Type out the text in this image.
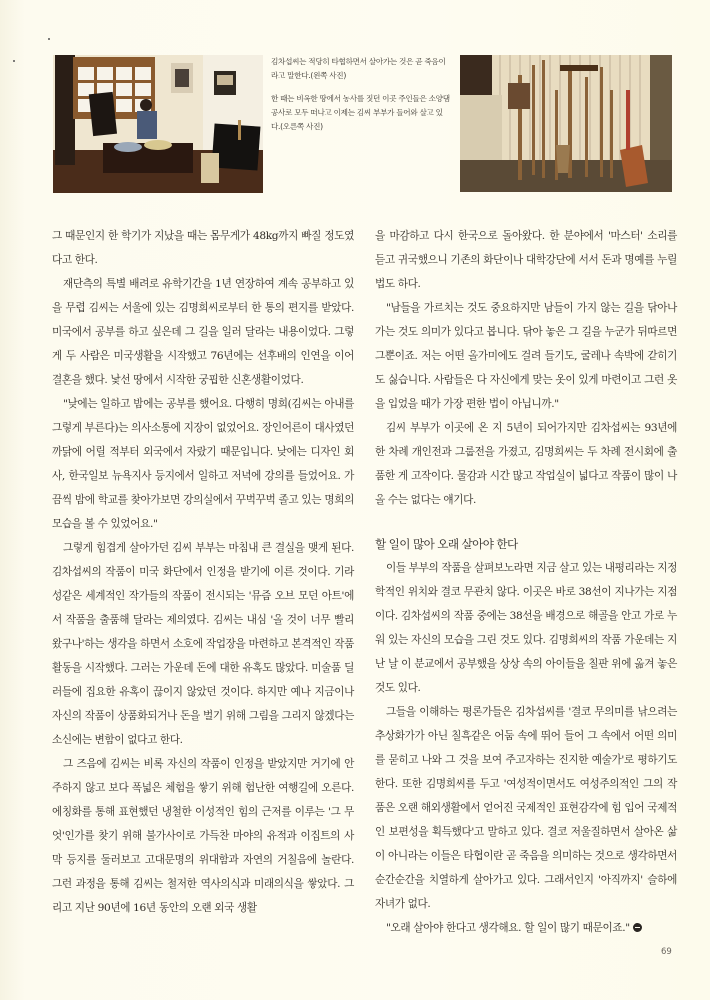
김차섭씨는 적당히 타협하면서 살아가는 것은 곧 죽음이라고 말한다.(왼쪽 사진)

한 때는 비옥한 땅에서 농사를 짓던 이곳 주인들은 소양댐 공사로 모두 떠나고 이제는 김씨 부부가 들어와 살고 있다.(오른쪽 사진)

그 때문인지 한 학기가 지났을 때는 몸무게가 48kg까지 빠질 정도였다고 한다.

재단측의 특별 배려로 유학기간을 1년 연장하여 계속 공부하고 있을 무렵 김씨는 서울에 있는 김명희씨로부터 한 통의 편지를 받았다. 미국에서 공부를 하고 싶은데 그 길을 일러 달라는 내용이었다. 그렇게 두 사람은 미국생활을 시작했고 76년에는 선후배의 인연을 이어 결혼을 했다. 낯선 땅에서 시작한 궁핍한 신혼생활이었다.

"낮에는 일하고 밤에는 공부를 했어요. 다행히 명희(김씨는 아내를 그렇게 부른다)는 의사소통에 지장이 없었어요. 장인어른이 대사였던 까닭에 어릴 적부터 외국에서 자랐기 때문입니다. 낮에는 디자인 회사, 한국일보 뉴욕지사 등지에서 일하고 저녁에 강의를 들었어요. 가끔씩 밤에 학교를 찾아가보면 강의실에서 꾸벅꾸벅 졸고 있는 명희의 모습을 볼 수 있었어요."

그렇게 힘겹게 살아가던 김씨 부부는 마침내 큰 결실을 맺게 된다. 김차섭씨의 작품이 미국 화단에서 인정을 받기에 이른 것이다. 기라성같은 세계적인 작가들의 작품이 전시되는 '뮤즘 오브 모던 아트'에서 작품을 출품해 달라는 제의였다. 김씨는 내심 '올 것이 너무 빨리 왔구나'하는 생각을 하면서 소호에 작업장을 마련하고 본격적인 작품활동을 시작했다. 그러는 가운데 돈에 대한 유혹도 많았다. 미술품 딜러들에 집요한 유혹이 끊이지 않았던 것이다. 하지만 예나 지금이나 자신의 작품이 상품화되거나 돈을 벌기 위해 그림을 그리지 않겠다는 소신에는 변함이 없다고 한다.

그 즈음에 김씨는 비록 자신의 작품이 인정을 받았지만 거기에 안주하지 않고 보다 폭넓은 체험을 쌓기 위해 험난한 여행길에 오른다. 에칭화를 통해 표현했던 냉철한 이성적인 힘의 근저를 이루는 '그 무엇'인가를 찾기 위해 불가사이로 가득찬 마야의 유적과 이집트의 사막 등지를 둘러보고 고대문명의 위대함과 자연의 거칠음에 놀란다. 그런 과정을 통해 김씨는 철저한 역사의식과 미래의식을 쌓았다. 그리고 지난 90년에 16년 동안의 오랜 외국 생활

을 마감하고 다시 한국으로 돌아왔다. 한 분야에서 '마스터' 소리를 듣고 귀국했으니 기존의 화단이나 대학강단에 서서 돈과 명예를 누릴 법도 하다.

"남들을 가르치는 것도 중요하지만 남들이 가지 않는 길을 닦아나가는 것도 의미가 있다고 봅니다. 닦아 놓은 그 길을 누군가 뒤따르면 그뿐이죠. 저는 어떤 올가미에도 걸려 들기도, 굴레나 속박에 갇히기도 싫습니다. 사람들은 다 자신에게 맞는 옷이 있게 마련이고 그런 옷을 입었을 때가 가장 편한 법이 아닙니까."

김씨 부부가 이곳에 온 지 5년이 되어가지만 김차섭씨는 93년에 한 차례 개인전과 그룹전을 가졌고, 김명희씨는 두 차례 전시회에 출품한 게 고작이다. 물감과 시간 많고 작업실이 넓다고 작품이 많이 나올 수는 없다는 얘기다.

할 일이 많아 오래 살아야 한다

이들 부부의 작품을 살펴보노라면 지금 살고 있는 내평리라는 지정학적인 위치와 결코 무관치 않다. 이곳은 바로 38선이 지나가는 지점이다. 김차섭씨의 작품 중에는 38선을 배경으로 해골을 안고 가로 누워 있는 자신의 모습을 그린 것도 있다. 김명희씨의 작품 가운데는 지난 날 이 분교에서 공부했을 상상 속의 아이들을 칠판 위에 옮겨 놓은 것도 있다.

그들을 이해하는 평론가들은 김차섭씨를 '결코 무의미를 낚으려는 추상화가가 아닌 칠흑같은 어둠 속에 뛰어 들어 그 속에서 어떤 의미를 묻히고 나와 그 것을 보여 주고자하는 진지한 예술가'로 평하기도 한다. 또한 김명희씨를 두고 '여성적이면서도 여성주의적인 그의 작품은 오랜 해외생활에서 얻어진 국제적인 표현감각에 힘 입어 국제적인 보편성을 획득했다'고 말하고 있다. 결코 저울질하면서 살아온 삶이 아니라는 이들은 타협이란 곧 죽음을 의미하는 것으로 생각하면서 순간순간을 치열하게 살아가고 있다. 그래서인지 '아직까지' 슬하에 자녀가 없다.

"오래 살아야 한다고 생각해요. 할 일이 많기 때문이죠."

69
